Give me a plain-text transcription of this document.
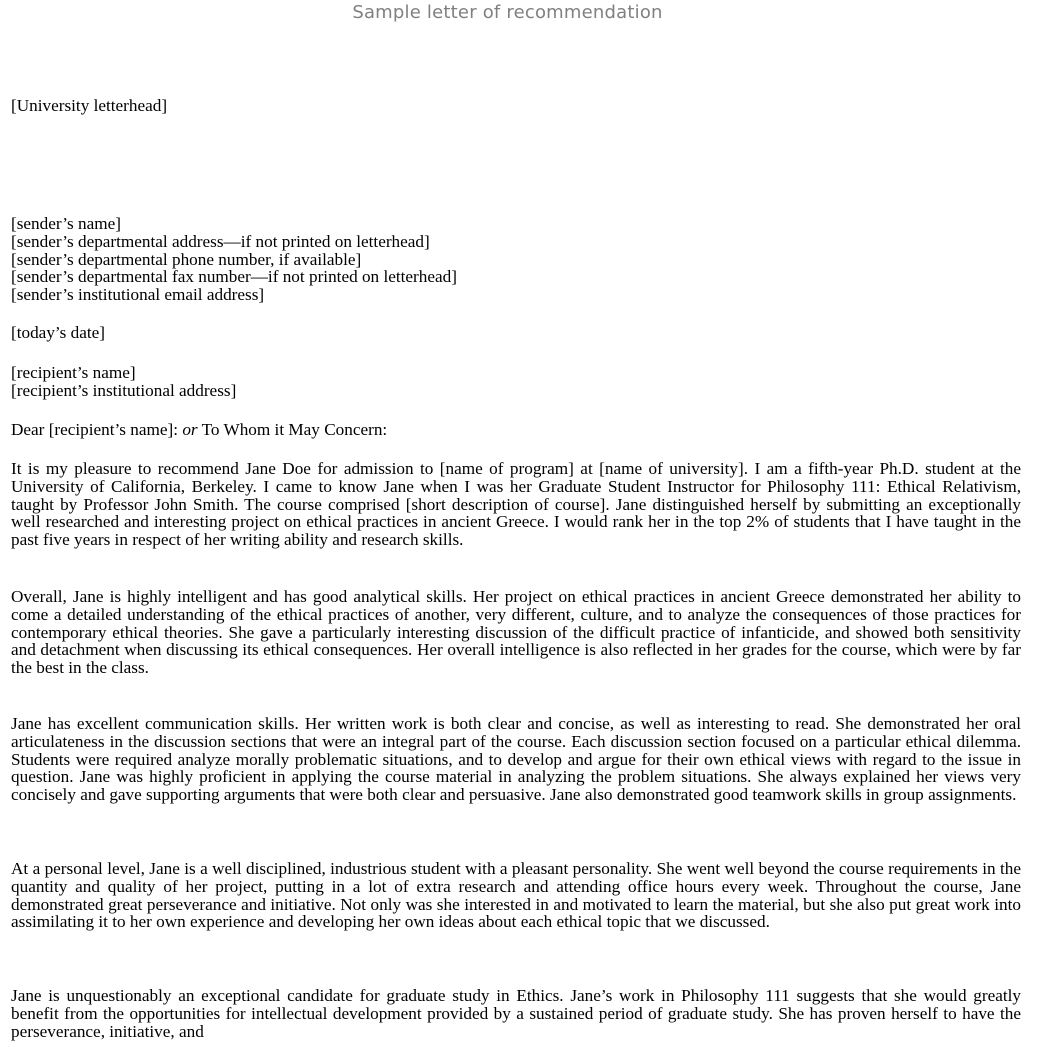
Sample letter of recommendation
[University letterhead]
[sender’s name]
[sender’s departmental address—if not printed on letterhead]
[sender’s departmental phone number, if available]
[sender’s departmental fax number—if not printed on letterhead]
[sender’s institutional email address]
[today’s date]
[recipient’s name]
[recipient’s institutional address]
Dear [recipient’s name]: or To Whom it May Concern:
It is my pleasure to recommend Jane Doe for admission to [name of program] at [name of university]. I am a fifth-year Ph.D. student at the University of California, Berkeley. I came to know Jane when I was her Graduate Student Instructor for Philosophy 111: Ethical Relativism, taught by Professor John Smith. The course comprised [short description of course]. Jane distinguished herself by submitting an exceptionally well researched and interesting project on ethical practices in ancient Greece. I would rank her in the top 2% of students that I have taught in the past five years in respect of her writing ability and research skills.
Overall, Jane is highly intelligent and has good analytical skills. Her project on ethical practices in ancient Greece demonstrated her ability to come a detailed understanding of the ethical practices of another, very different, culture, and to analyze the consequences of those practices for contemporary ethical theories. She gave a particularly interesting discussion of the difficult practice of infanticide, and showed both sensitivity and detachment when discussing its ethical consequences. Her overall intelligence is also reflected in her grades for the course, which were by far the best in the class.
Jane has excellent communication skills. Her written work is both clear and concise, as well as interesting to read. She demonstrated her oral articulateness in the discussion sections that were an integral part of the course. Each discussion section focused on a particular ethical dilemma. Students were required analyze morally problematic situations, and to develop and argue for their own ethical views with regard to the issue in question. Jane was highly proficient in applying the course material in analyzing the problem situations. She always explained her views very concisely and gave supporting arguments that were both clear and persuasive. Jane also demonstrated good teamwork skills in group assignments.
At a personal level, Jane is a well disciplined, industrious student with a pleasant personality. She went well beyond the course requirements in the quantity and quality of her project, putting in a lot of extra research and attending office hours every week. Throughout the course, Jane demonstrated great perseverance and initiative. Not only was she interested in and motivated to learn the material, but she also put great work into assimilating it to her own experience and developing her own ideas about each ethical topic that we discussed.
Jane is unquestionably an exceptional candidate for graduate study in Ethics. Jane’s work in Philosophy 111 suggests that she would greatly benefit from the opportunities for intellectual development provided by a sustained period of graduate study. She has proven herself to have the perseverance, initiative, and
